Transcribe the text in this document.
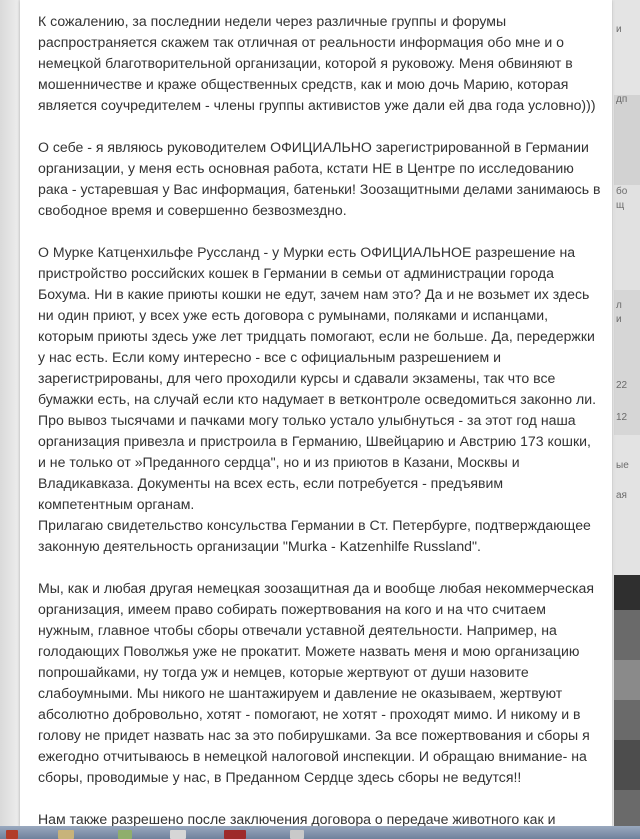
и
дп
бо
щ
л
и
22
12
ые
ая

К сожалению, за последнии недели через различные группы и форумы
распространяется скажем так отличная от реальности информация обо мне и о
немецкой благотворительной организации, которой я руковожу. Меня обвиняют в
мошенничестве и краже общественных средств, как и мою дочь Марию, которая
является соучредителем - члены группы активистов уже дали ей два года условно)))

О себе - я являюсь руководителем ОФИЦИАЛЬНО зарегистрированной в Германии
организации, у меня есть основная работа, кстати НЕ в Центре по исследованию
рака - устаревшая у Вас информация, батеньки! Зоозащитными делами занимаюсь в
свободное время и совершенно безвозмездно.

О Мурке Катценхильфе Руссланд - у Мурки есть ОФИЦИАЛЬНОЕ разрешение на
пристройство российских кошек в Германии в семьи от администрации города
Бохума. Ни в какие приюты кошки не едут, зачем нам это? Да и не возьмет их здесь
ни один приют, у всех уже есть договора с румынами, поляками и испанцами,
которым приюты здесь уже лет тридцать помогают, если не больше. Да, передержки
у нас есть. Если кому интересно - все с официальным разрешением и
зарегистрированы, для чего проходили курсы и сдавали экзамены, так что все
бумажки есть, на случай если кто надумает в ветконтроле осведомиться законно ли.
Про вывоз тысячами и пачками могу только устало улыбнуться - за этот год наша
организация привезла и пристроила в Германию, Швейцарию и Австрию 173 кошки,
и не только от »Преданного сердца", но и из приютов в Казани, Москвы и
Владикавказа. Документы на всех есть, если потребуется - предъявим
компетентным органам.

Прилагаю свидетельство консульства Германии в Ст. Петербурге, подтверждающее
законную деятельность организации "Murka - Katzenhilfe Russland".

Мы, как и любая другая немецкая зоозащитная да и вообще любая некоммерческая
организация, имеем право собирать пожертвования на кого и на что считаем
нужным, главное чтобы сборы отвечали уставной деятельности. Например, на
голодающих Поволжья уже не прокатит. Можете назвать меня и мою организацию
попрошайками, ну тогда уж и немцев, которые жертвуют от души назовите
слабоумными. Мы никого не шантажируем и давление не оказываем, жертвуют
абсолютно добровольно, хотят - помогают, не хотят - проходят мимо. И никому и в
голову не придет назвать нас за это побирушками. За все пожертвования и сборы я
ежегодно отчитываюсь в немецкой налоговой инспекции. И обращаю внимание- на
сборы, проводимые у нас, в Преданном Сердце здесь сборы не ведутся!!

Нам также разрешено после заключения договора о передаче животного как и
